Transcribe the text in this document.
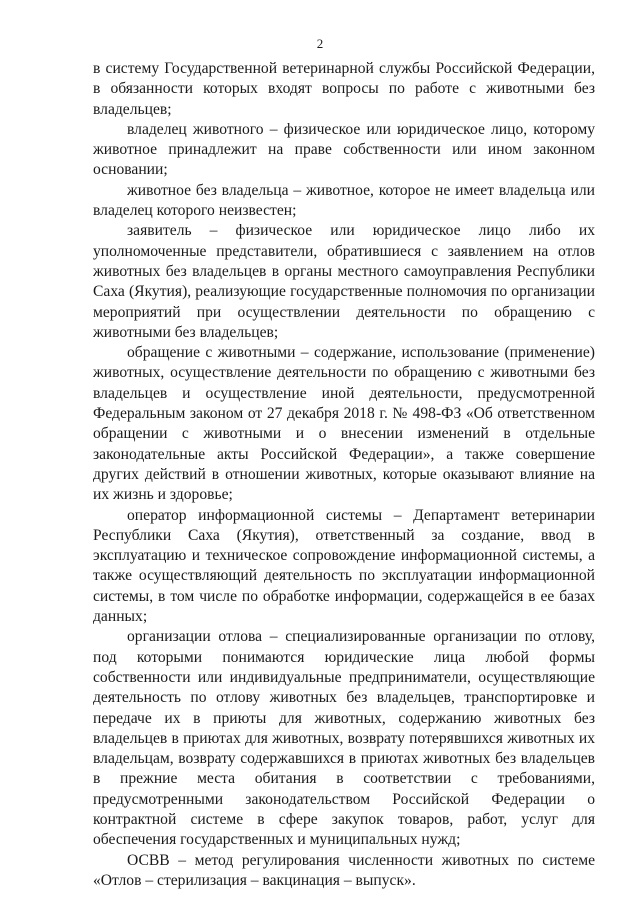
2

в систему Государственной ветеринарной службы Российской Федерации, в обязанности которых входят вопросы по работе с животными без владельцев;

владелец животного – физическое или юридическое лицо, которому животное принадлежит на праве собственности или ином законном основании;

животное без владельца – животное, которое не имеет владельца или владелец которого неизвестен;

заявитель – физическое или юридическое лицо либо их уполномоченные представители, обратившиеся с заявлением на отлов животных без владельцев в органы местного самоуправления Республики Саха (Якутия), реализующие государственные полномочия по организации мероприятий при осуществлении деятельности по обращению с животными без владельцев;

обращение с животными – содержание, использование (применение) животных, осуществление деятельности по обращению с животными без владельцев и осуществление иной деятельности, предусмотренной Федеральным законом от 27 декабря 2018 г. № 498-ФЗ «Об ответственном обращении с животными и о внесении изменений в отдельные законодательные акты Российской Федерации», а также совершение других действий в отношении животных, которые оказывают влияние на их жизнь и здоровье;

оператор информационной системы – Департамент ветеринарии Республики Саха (Якутия), ответственный за создание, ввод в эксплуатацию и техническое сопровождение информационной системы, а также осуществляющий деятельность по эксплуатации информационной системы, в том числе по обработке информации, содержащейся в ее базах данных;

организации отлова – специализированные организации по отлову, под которыми понимаются юридические лица любой формы собственности или индивидуальные предприниматели, осуществляющие деятельность по отлову животных без владельцев, транспортировке и передаче их в приюты для животных, содержанию животных без владельцев в приютах для животных, возврату потерявшихся животных их владельцам, возврату содержавшихся в приютах животных без владельцев в прежние места обитания в соответствии с требованиями, предусмотренными законодательством Российской Федерации о контрактной системе в сфере закупок товаров, работ, услуг для обеспечения государственных и муниципальных нужд;

ОСВВ – метод регулирования численности животных по системе «Отлов – стерилизация – вакцинация – выпуск».
